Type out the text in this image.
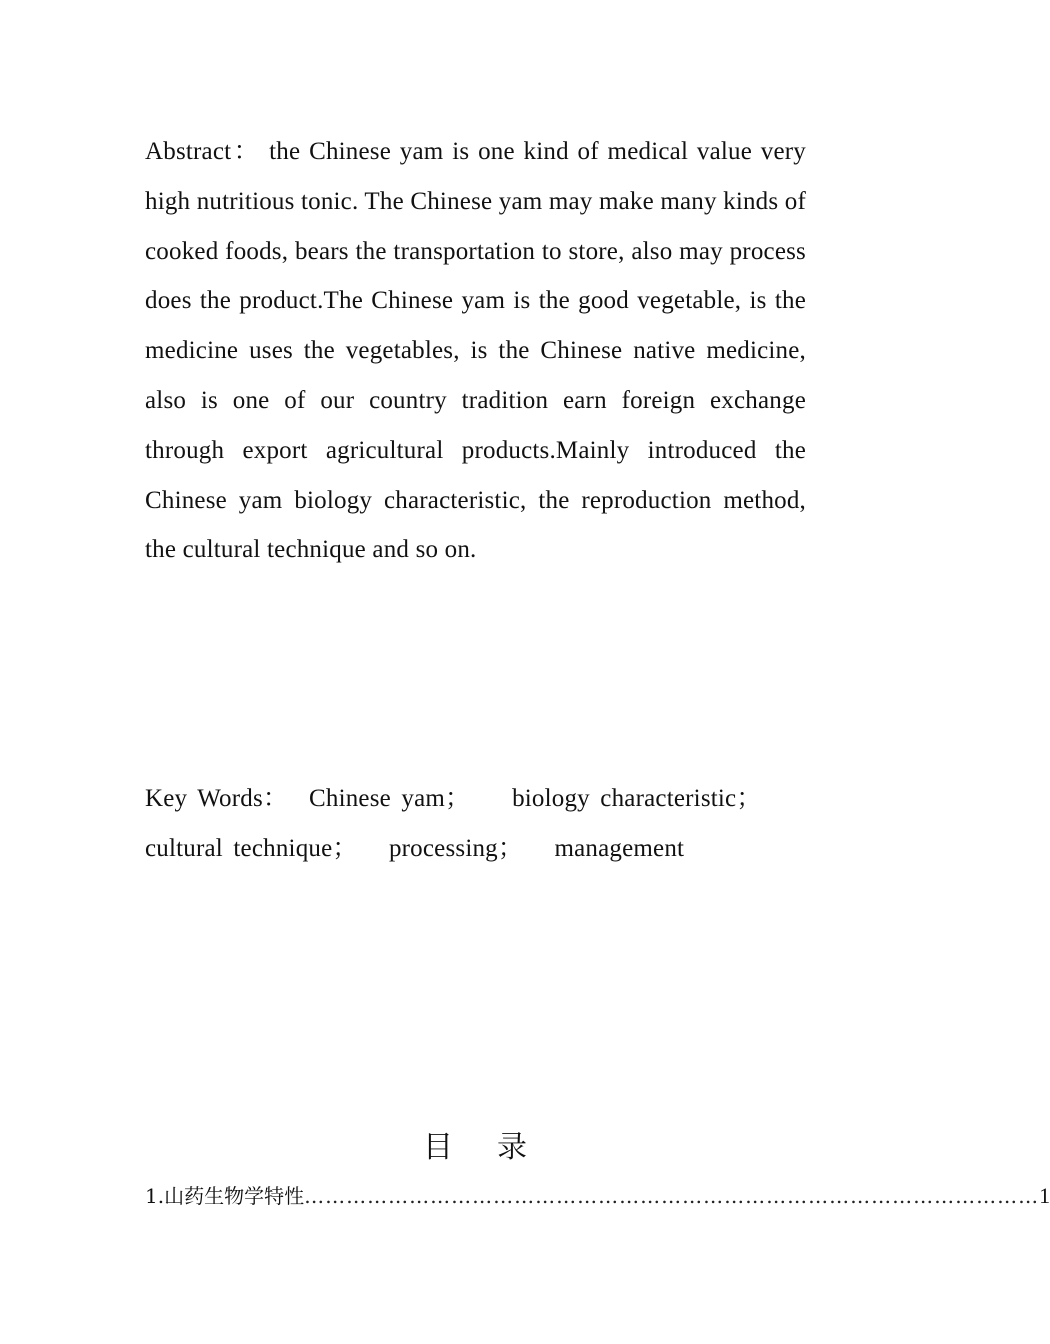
Abstract： the Chinese yam is one kind of medical value very high nutritious tonic. The Chinese yam may make many kinds of cooked foods, bears the transportation to store, also may process does the product.The Chinese yam is the good vegetable, is the medicine uses the vegetables, is the Chinese native medicine, also is one of our country tradition earn foreign exchange through export agricultural products.Mainly introduced the Chinese yam biology characteristic, the reproduction method, the cultural technique and so on.
Key Words： Chinese yam； biology characteristic； cultural technique； processing； management
目 录
1.山药生物学特性 …………………………………………………………………………………………… 1
